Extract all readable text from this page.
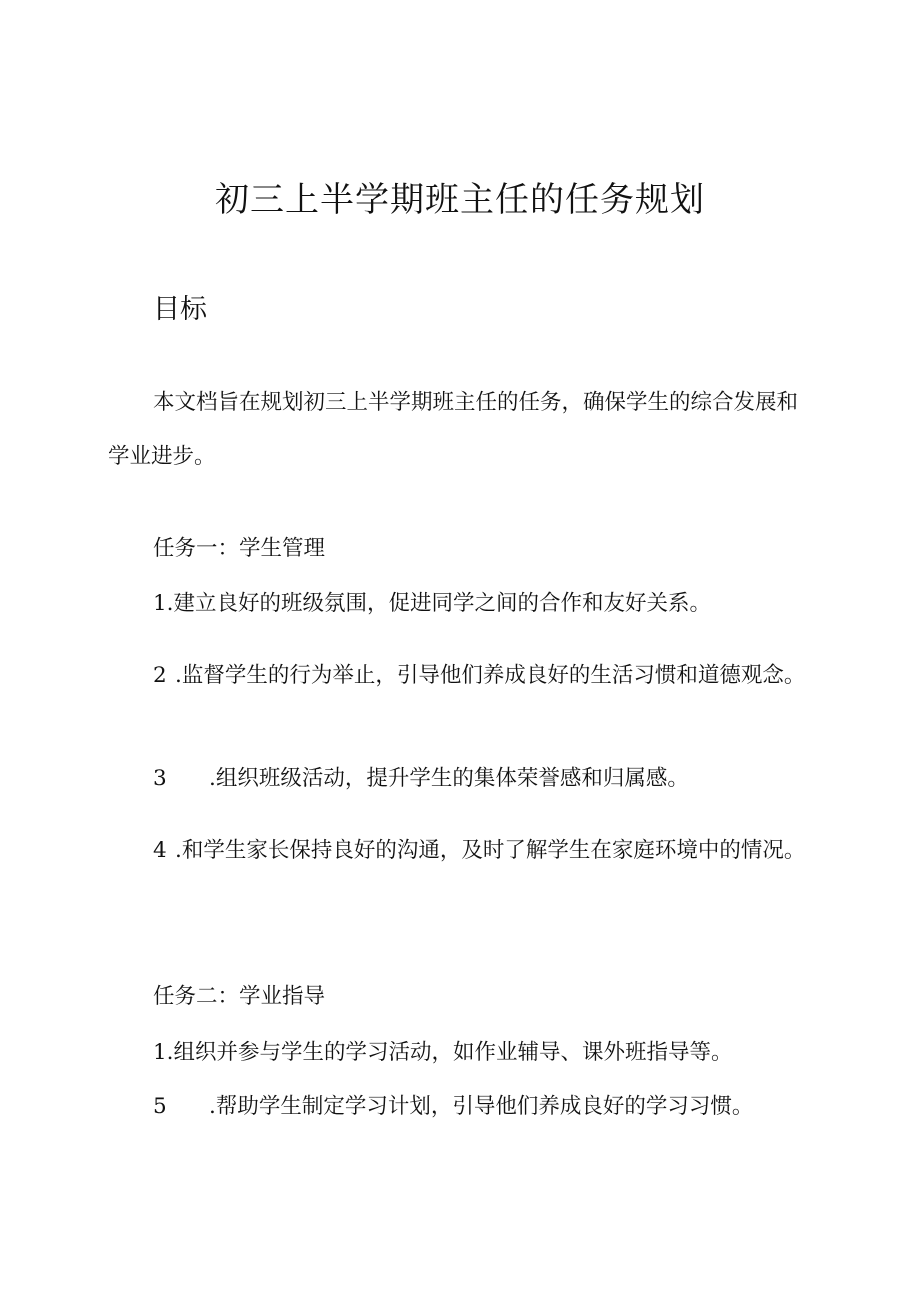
初三上半学期班主任的任务规划
目标

本文档旨在规划初三上半学期班主任的任务，确保学生的综合发展和学业进步。

任务一：学生管理

1.建立良好的班级氛围，促进同学之间的合作和友好关系。

2 .监督学生的行为举止，引导他们养成良好的生活习惯和道德观念。

3 .组织班级活动，提升学生的集体荣誉感和归属感。

4 .和学生家长保持良好的沟通，及时了解学生在家庭环境中的情况。

任务二：学业指导

1.组织并参与学生的学习活动，如作业辅导、课外班指导等。

5 .帮助学生制定学习计划，引导他们养成良好的学习习惯。
